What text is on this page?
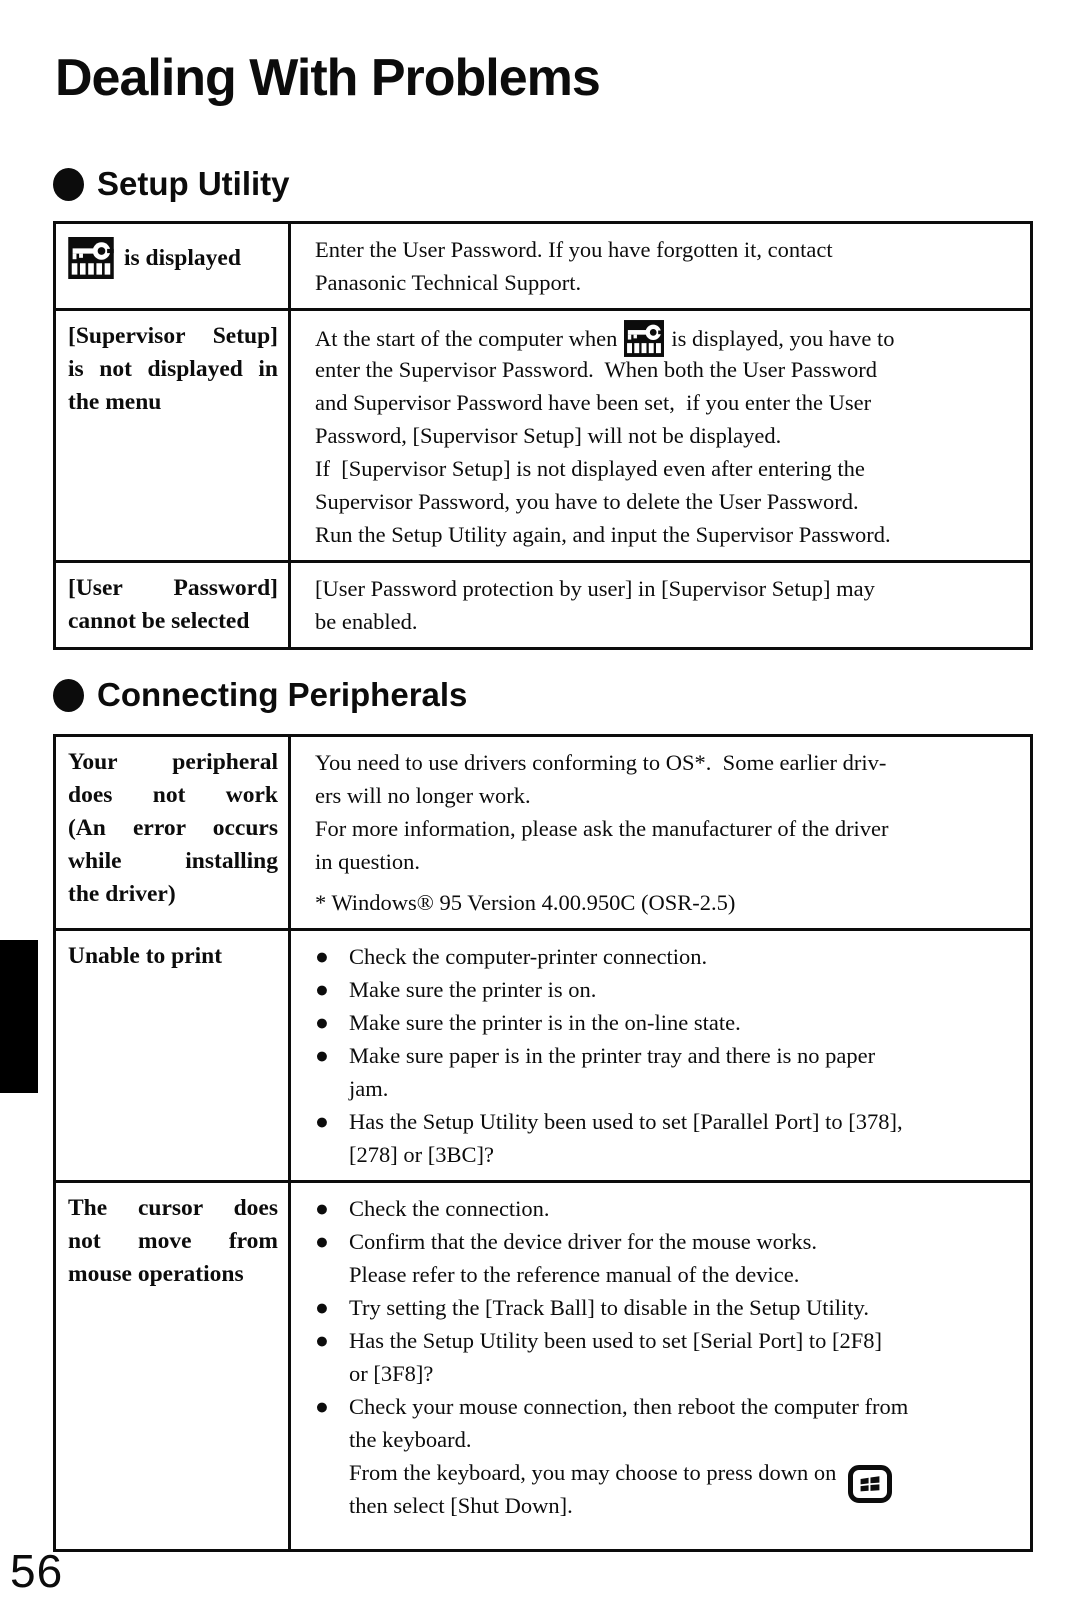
Dealing With Problems
Setup Utility
is displayed	Enter the User Password. If you have forgotten it, contact
Panasonic Technical Support.
[Supervisor Setup]
is not displayed in
the menu
At the start of the computer when is displayed, you have to
enter the Supervisor Password.  When both the User Password
and Supervisor Password have been set,  if you enter the User
Password, [Supervisor Setup] will not be displayed.
If  [Supervisor Setup] is not displayed even after entering the
Supervisor Password, you have to delete the User Password.
Run the Setup Utility again, and input the Supervisor Password.
[User Password]
cannot be selected
[User Password protection by user] in [Supervisor Setup] may
be enabled.
Connecting Peripherals
Your peripheral
does not work
(An error occurs
while installing
the driver)
You need to use drivers conforming to OS*.  Some earlier driv-
ers will no longer work.
For more information, please ask the manufacturer of the driver
in question.
* Windows® 95 Version 4.00.950C (OSR-2.5)
Unable to print	● Check the computer-printer connection.
● Make sure the printer is on.
● Make sure the printer is in the on-line state.
● Make sure paper is in the printer tray and there is no paper
jam.
● Has the Setup Utility been used to set [Parallel Port] to [378],
[278] or [3BC]?
The cursor does
not move from
mouse operations
● Check the connection.
● Confirm that the device driver for the mouse works.
Please refer to the reference manual of the device.
● Try setting the [Track Ball] to disable in the Setup Utility.
● Has the Setup Utility been used to set [Serial Port] to [2F8]
or [3F8]?
● Check your mouse connection, then reboot the computer from
the keyboard.
From the keyboard, you may choose to press down on
then select [Shut Down].
56
